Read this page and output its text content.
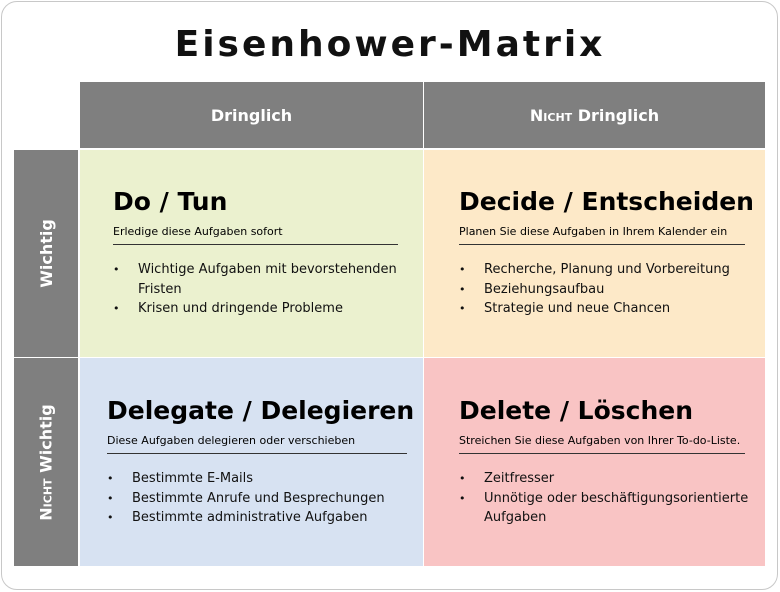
Eisenhower-Matrix
Dringlich	Nicht
Dringlich
Wichtig
Nicht Wichtig
Do / Tun
Erledige diese Aufgaben sofort
• Wichtige Aufgaben mit bevorstehenden Fristen
• Krisen und dringende Probleme
Decide / Entscheiden
Planen Sie diese Aufgaben in Ihrem Kalender ein
• Recherche, Planung und Vorbereitung
• Beziehungsaufbau
• Strategie und neue Chancen
Delegate / Delegieren
Diese Aufgaben delegieren oder verschieben
• Bestimmte E-Mails
• Bestimmte Anrufe und Besprechungen
• Bestimmte administrative Aufgaben
Delete / Löschen
Streichen Sie diese Aufgaben von Ihrer To-do-Liste.
• Zeitfresser
• Unnötige oder beschäftigungsorientierte Aufgaben
